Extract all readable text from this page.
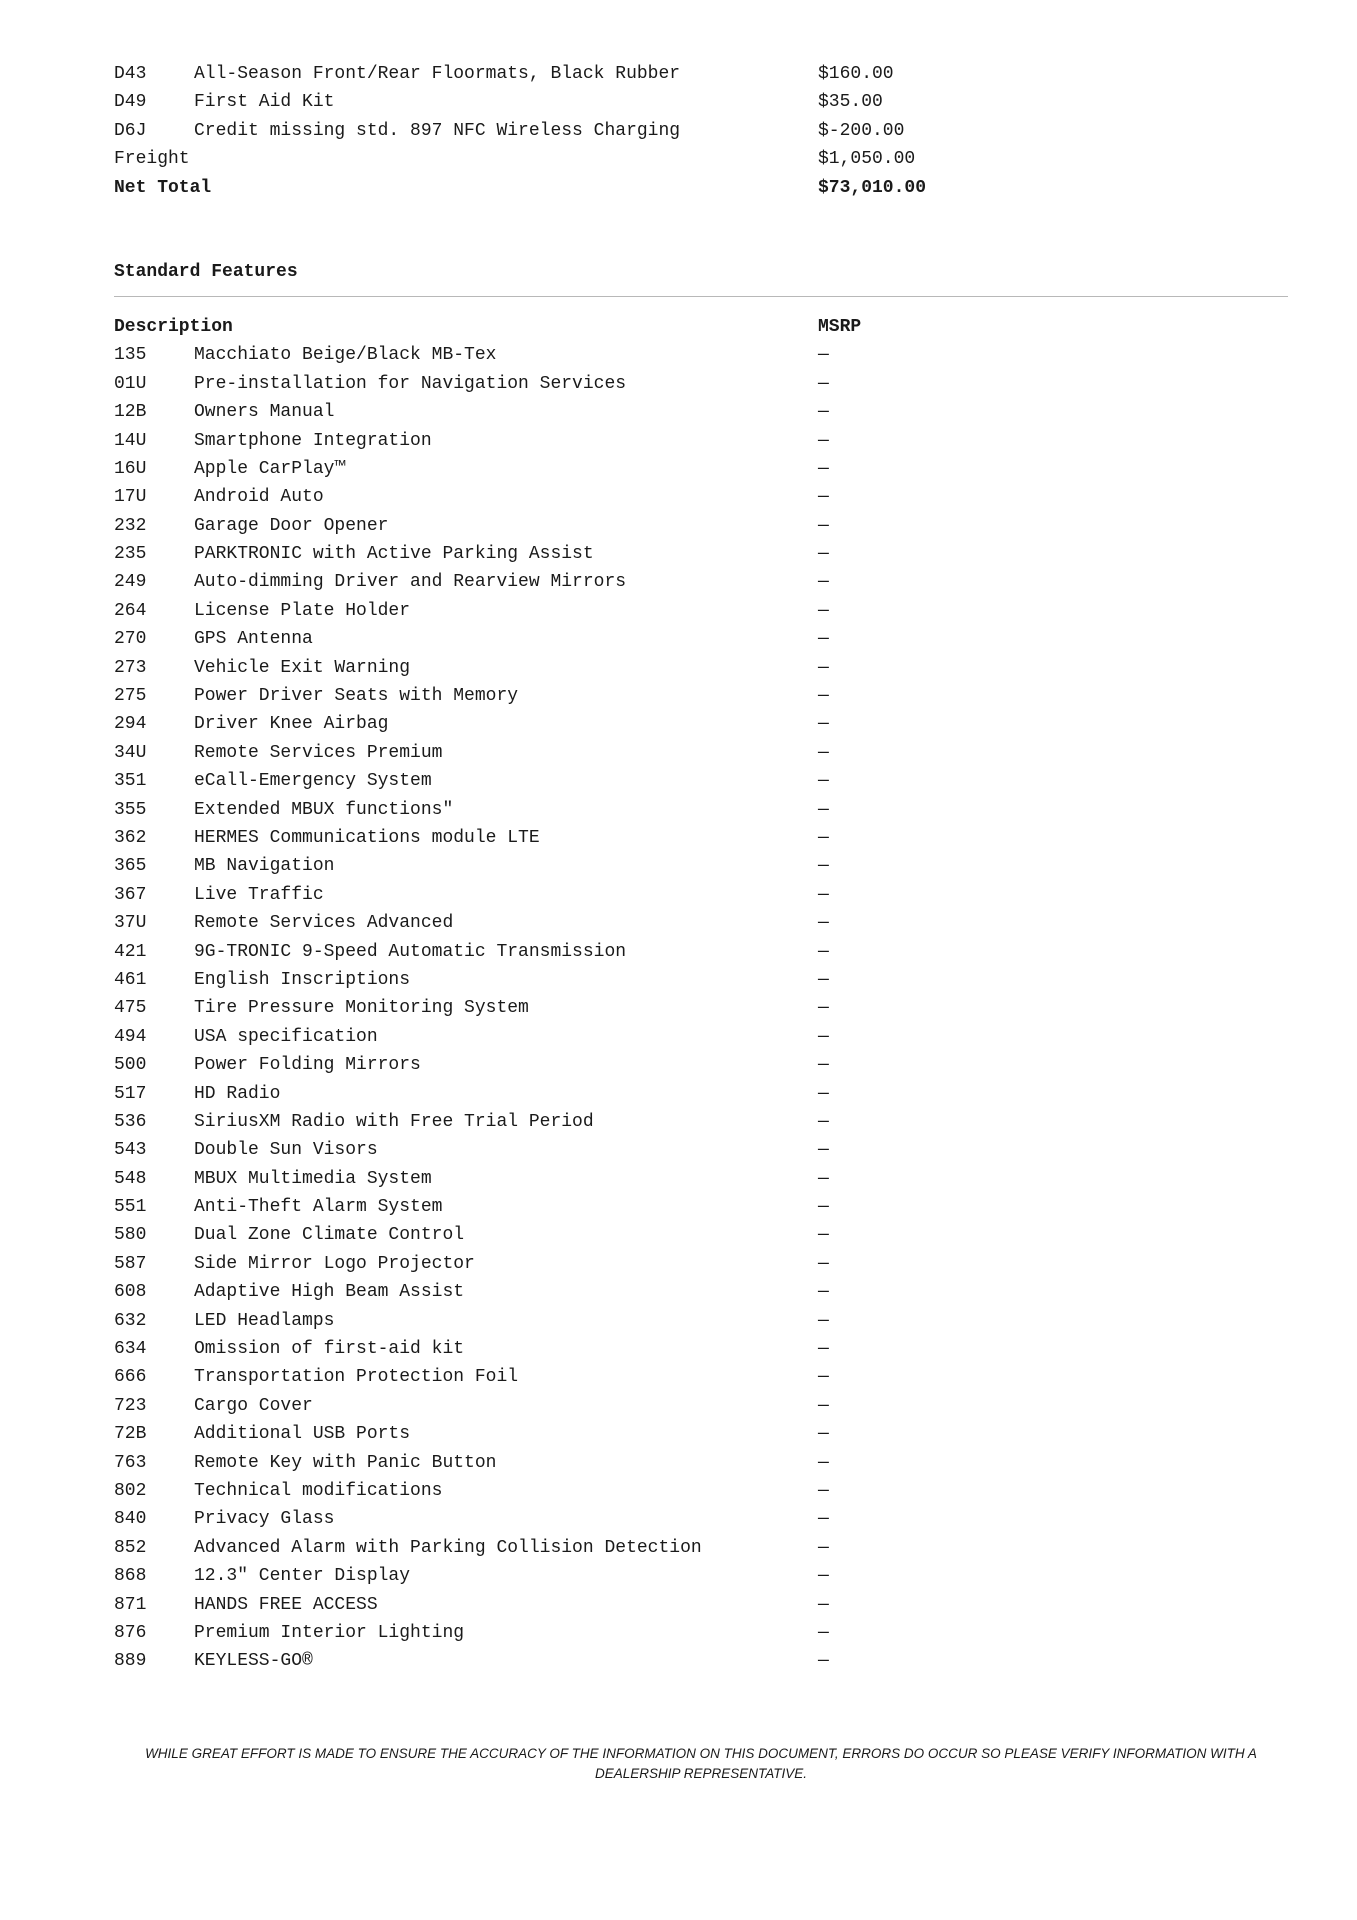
D43	All-Season Front/Rear Floormats, Black Rubber	$160.00
D49	First Aid Kit	$35.00
D6J	Credit missing std. 897 NFC Wireless Charging	$-200.00
Freight	$1,050.00
Net Total	$73,010.00
Standard Features
Description	MSRP
135	Macchiato Beige/Black MB-Tex	—
01U	Pre-installation for Navigation Services	—
12B	Owners Manual	—
14U	Smartphone Integration	—
16U	Apple CarPlay™	—
17U	Android Auto	—
232	Garage Door Opener	—
235	PARKTRONIC with Active Parking Assist	—
249	Auto-dimming Driver and Rearview Mirrors	—
264	License Plate Holder	—
270	GPS Antenna	—
273	Vehicle Exit Warning	—
275	Power Driver Seats with Memory	—
294	Driver Knee Airbag	—
34U	Remote Services Premium	—
351	eCall-Emergency System	—
355	Extended MBUX functions"	—
362	HERMES Communications module LTE	—
365	MB Navigation	—
367	Live Traffic	—
37U	Remote Services Advanced	—
421	9G-TRONIC 9-Speed Automatic Transmission	—
461	English Inscriptions	—
475	Tire Pressure Monitoring System	—
494	USA specification	—
500	Power Folding Mirrors	—
517	HD Radio	—
536	SiriusXM Radio with Free Trial Period	—
543	Double Sun Visors	—
548	MBUX Multimedia System	—
551	Anti-Theft Alarm System	—
580	Dual Zone Climate Control	—
587	Side Mirror Logo Projector	—
608	Adaptive High Beam Assist	—
632	LED Headlamps	—
634	Omission of first-aid kit	—
666	Transportation Protection Foil	—
723	Cargo Cover	—
72B	Additional USB Ports	—
763	Remote Key with Panic Button	—
802	Technical modifications	—
840	Privacy Glass	—
852	Advanced Alarm with Parking Collision Detection	—
868	12.3" Center Display	—
871	HANDS FREE ACCESS	—
876	Premium Interior Lighting	—
889	KEYLESS-GO®	—
WHILE GREAT EFFORT IS MADE TO ENSURE THE ACCURACY OF THE INFORMATION ON THIS DOCUMENT, ERRORS DO OCCUR SO PLEASE VERIFY INFORMATION WITH A DEALERSHIP REPRESENTATIVE.
